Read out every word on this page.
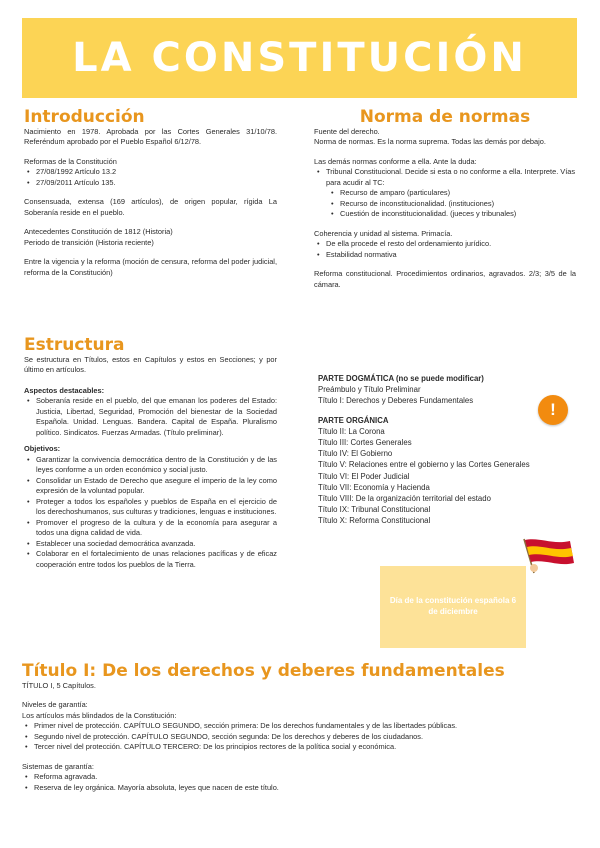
LA CONSTITUCIÓN
Introducción

Nacimiento en 1978. Aprobada por las Cortes Generales 31/10/78. Referéndum aprobado por el Pueblo Español 6/12/78.

Reformas de la Constitución

• 27/08/1992 Artículo 13.2
• 27/09/2011 Artículo 135.

Consensuada, extensa (169 artículos), de origen popular, rígida La Soberanía reside en el pueblo.

Antecedentes Constitución de 1812 (Historia)

Periodo de transición (Historia reciente)

Entre la vigencia y la reforma (moción de censura, reforma del poder judicial, reforma de la Constitución)

Norma de normas

Fuente del derecho.

Norma de normas. Es la norma suprema. Todas las demás por debajo.

Las demás normas conforme a ella. Ante la duda:

• Tribunal Constitucional. Decide si esta o no conforme a ella. Interprete. Vías para acudir al TC:
• Recurso de amparo (particulares)
• Recurso de inconstitucionalidad. (instituciones)
• Cuestión de inconstitucionalidad. (jueces y tribunales)

Coherencia y unidad al sistema. Primacía.

• De ella procede el resto del ordenamiento jurídico.
• Estabilidad normativa

Reforma constitucional. Procedimientos ordinarios, agravados. 2/3; 3/5 de la cámara.

Estructura

Se estructura en Títulos, estos en Capítulos y estos en Secciones; y por último en artículos.

Aspectos destacables:

• Soberanía reside en el pueblo, del que emanan los poderes del Estado: Justicia, Libertad, Seguridad, Promoción del bienestar de la Sociedad Española. Unidad. Lenguas. Bandera. Capital de España. Pluralismo político. Sindicatos. Fuerzas Armadas. (Título preliminar).

Objetivos:

• Garantizar la convivencia democrática dentro de la Constitución y de las leyes conforme a un orden económico y social justo.
• Consolidar un Estado de Derecho que asegure el imperio de la ley como expresión de la voluntad popular.
• Proteger a todos los españoles y pueblos de España en el ejercicio de los derechoshumanos, sus culturas y tradiciones, lenguas e instituciones.
• Promover el progreso de la cultura y de la economía para asegurar a todos una digna calidad de vida.
• Establecer una sociedad democrática avanzada.
• Colaborar en el fortalecimiento de unas relaciones pacíficas y de eficaz cooperación entre todos los pueblos de la Tierra.

PARTE DOGMÁTICA (no se puede modificar)

Preámbulo y Título Preliminar

Título I: Derechos y Deberes Fundamentales

PARTE ORGÁNICA

Título II: La Corona

Título III: Cortes Generales

Título IV: El Gobierno

Título V: Relaciones entre el gobierno y las Cortes Generales

Título VI: El Poder Judicial

Título VII: Economía y Hacienda

Título VIII: De la organización territorial del estado

Título IX: Tribunal Constitucional

Título X: Reforma Constitucional

!
Día de la constitución española 6 de diciembre
Título I: De los derechos y deberes fundamentales

TÍTULO I, 5 Capítulos.

Niveles de garantía:

Los artículos más blindados de la Constitución:

• Primer nivel de protección. CAPÍTULO SEGUNDO, sección primera: De los derechos fundamentales y de las libertades públicas.
• Segundo nivel de protección. CAPÍTULO SEGUNDO, sección segunda: De los derechos y deberes de los ciudadanos.
• Tercer nivel del protección. CAPÍTULO TERCERO: De los principios rectores de la política social y económica.

Sistemas de garantía:

• Reforma agravada.
• Reserva de ley orgánica. Mayoría absoluta, leyes que nacen de este título.
